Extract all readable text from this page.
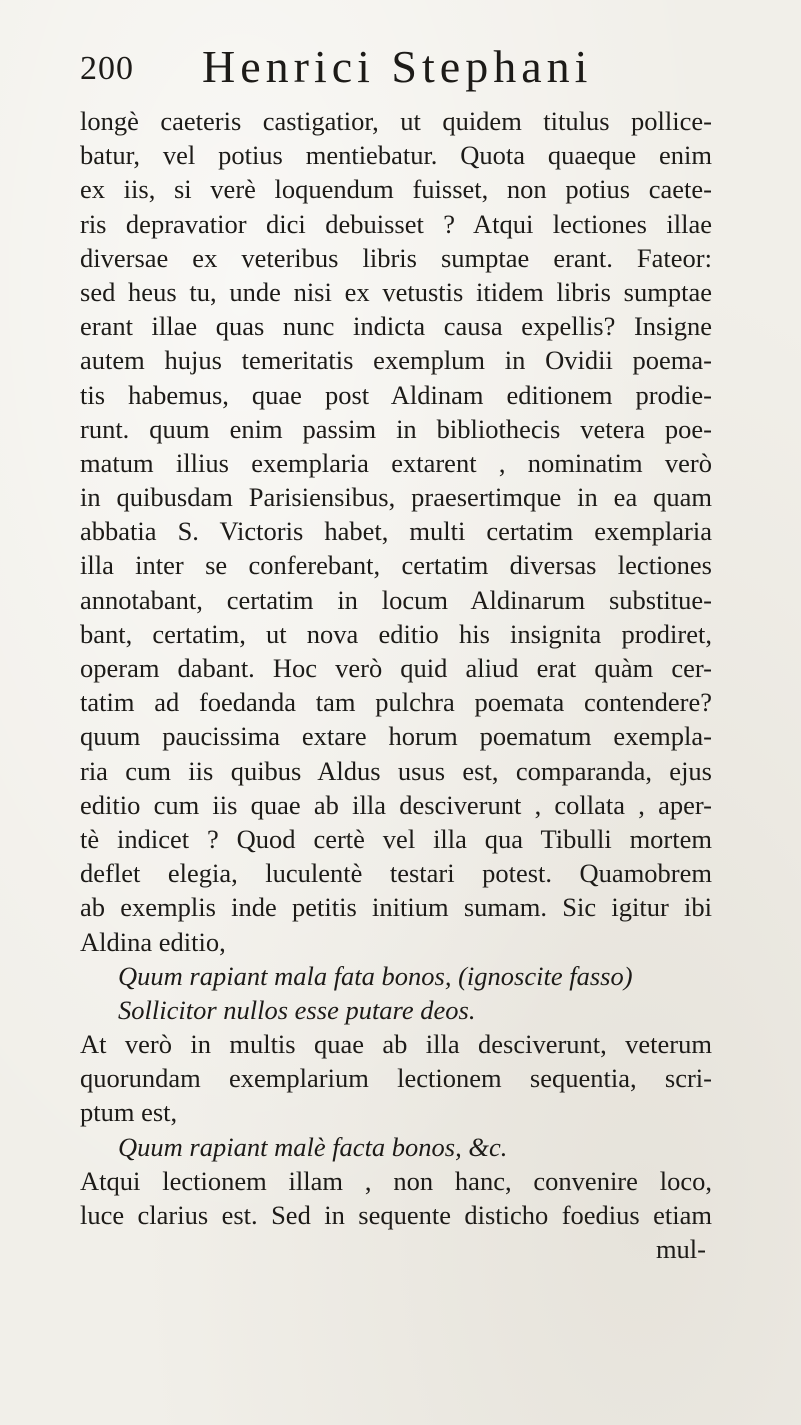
200 Henrici Stephani
longè caeteris castigatior, ut quidem titulus pollice-
batur, vel potius mentiebatur. Quota quaeque enim
ex iis, si verè loquendum fuisset, non potius caete-
ris depravatior dici debuisset ? Atqui lectiones illae
diversae ex veteribus libris sumptae erant. Fateor:
sed heus tu, unde nisi ex vetustis itidem libris sumptae
erant illae quas nunc indicta causa expellis? Insigne
autem hujus temeritatis exemplum in Ovidii poema-
tis habemus, quae post Aldinam editionem prodie-
runt. quum enim passim in bibliothecis vetera poe-
matum illius exemplaria extarent , nominatim verò
in quibusdam Parisiensibus, praesertimque in ea quam
abbatia S. Victoris habet, multi certatim exemplaria
illa inter se conferebant, certatim diversas lectiones
annotabant, certatim in locum Aldinarum substitue-
bant, certatim, ut nova editio his insignita prodiret,
operam dabant. Hoc verò quid aliud erat quàm cer-
tatim ad foedanda tam pulchra poemata contendere?
quum paucissima extare horum poematum exempla-
ria cum iis quibus Aldus usus est, comparanda, ejus
editio cum iis quae ab illa desciverunt , collata , aper-
tè indicet ? Quod certè vel illa qua Tibulli mortem
deflet elegia, luculentè testari potest. Quamobrem
ab exemplis inde petitis initium sumam. Sic igitur ibi
Aldina editio,
Quum rapiant mala fata bonos, (ignoscite fasso)
Sollicitor nullos esse putare deos.
At verò in multis quae ab illa desciverunt, veterum
quorundam exemplarium lectionem sequentia, scri-
ptum est,
Quum rapiant malè facta bonos, &c.
Atqui lectionem illam , non hanc, convenire loco,
luce clarius est. Sed in sequente disticho foedius etiam
mul-
